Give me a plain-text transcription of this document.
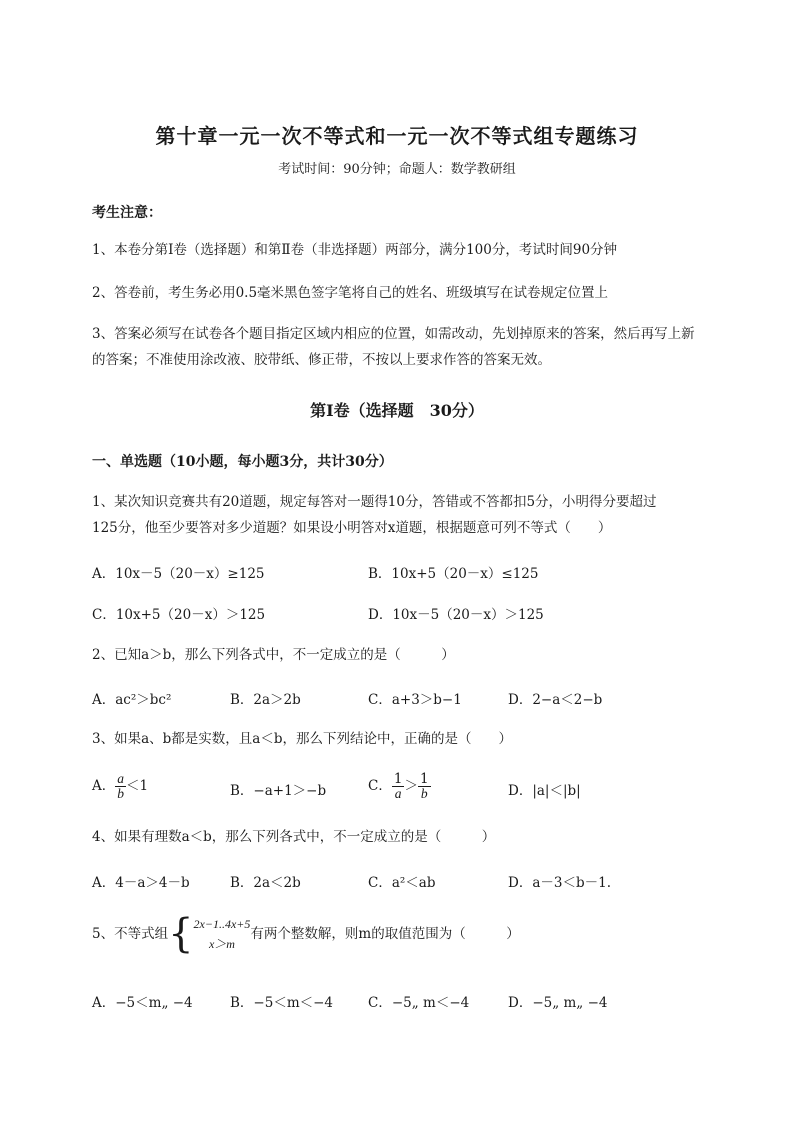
第十章一元一次不等式和一元一次不等式组专题练习
考试时间：90分钟；命题人：数学教研组
考生注意：
1、本卷分第I卷（选择题）和第Ⅱ卷（非选择题）两部分，满分100分，考试时间90分钟
2、答卷前，考生务必用0.5毫米黑色签字笔将自己的姓名、班级填写在试卷规定位置上
3、答案必须写在试卷各个题目指定区域内相应的位置，如需改动，先划掉原来的答案，然后再写上新
的答案；不准使用涂改液、胶带纸、修正带，不按以上要求作答的答案无效。
第I卷（选择题　30分）
一、单选题（10小题，每小题3分，共计30分）
1、某次知识竞赛共有20道题，规定每答对一题得10分，答错或不答都扣5分，小明得分要超过
125分，他至少要答对多少道题？如果设小明答对x道题，根据题意可列不等式（　　）
A．10x－5（20－x）≥125	B．10x+5（20－x）≤125
C．10x+5（20－x）＞125	D．10x－5（20－x）＞125
2、已知a＞b，那么下列各式中，不一定成立的是（　　　）
A．ac²＞bc²	B．2a＞2b	C．a+3＞b−1	D．2−a＜2−b
3、如果a、b都是实数，且a＜b，那么下列结论中，正确的是（　　）
A． $\frac{a}{b} <1$	B．−a+1＞−b	C． $\frac{1}{a} > \frac{1}{b}$	D．|a|＜|b|
4、如果有理数a＜b，那么下列各式中，不一定成立的是（　　　）
A．4－a＞4－b	B．2a＜2b	C．a²＜ab	D．a－3＜b－1.
5、不等式组{ 2x−1..4x+5
x＞m
有两个整数解，则m的取值范围为（　　　）
A．−5＜m„ −4	B．−5＜m＜−4	C．−5„ m＜−4	D．−5„ m„ −4
